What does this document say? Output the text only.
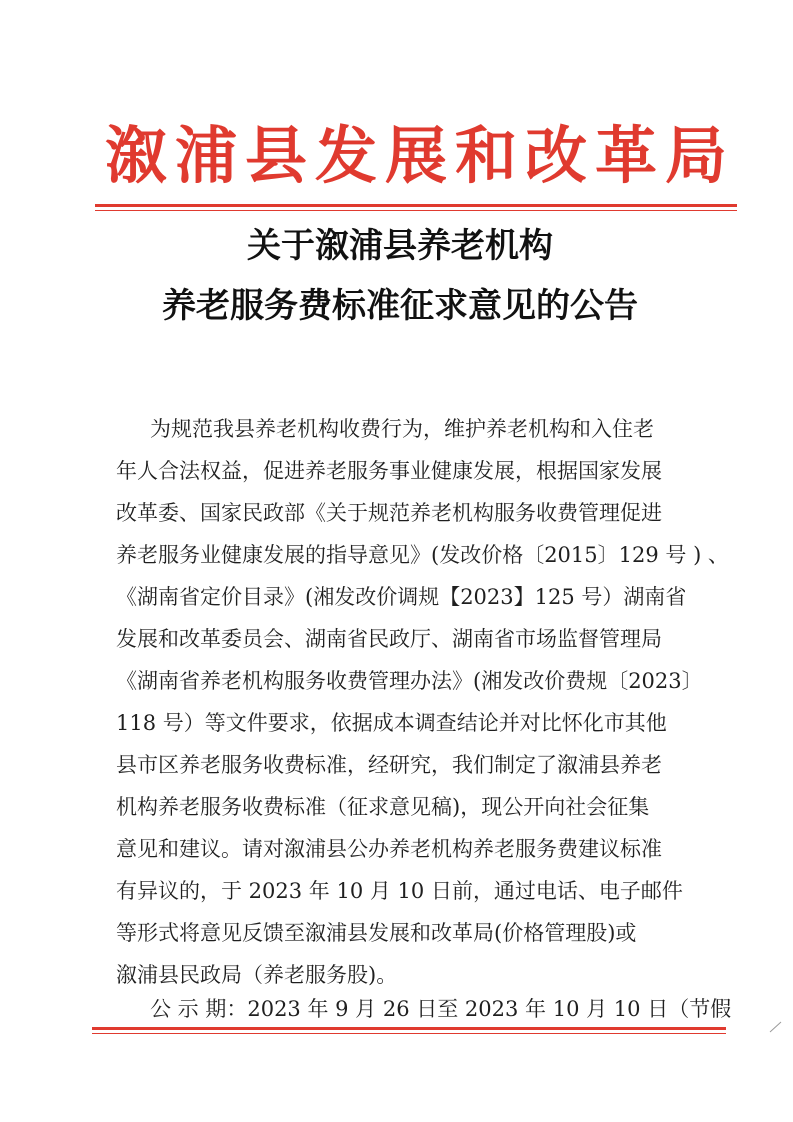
溆浦县发展和改革局
关于溆浦县养老机构
养老服务费标准征求意见的公告
为规范我县养老机构收费行为，维护养老机构和入住老
年人合法权益，促进养老服务事业健康发展，根据国家发展
改革委、国家民政部《关于规范养老机构服务收费管理促进
养老服务业健康发展的指导意见》(发改价格〔2015〕129 号 ) 、
《湖南省定价目录》(湘发改价调规【2023】125 号）湖南省
发展和改革委员会、湖南省民政厅、湖南省市场监督管理局
《湖南省养老机构服务收费管理办法》(湘发改价费规〔2023〕
118 号）等文件要求，依据成本调查结论并对比怀化市其他
县市区养老服务收费标准，经研究，我们制定了溆浦县养老
机构养老服务收费标准（征求意见稿)，现公开向社会征集
意见和建议。请对溆浦县公办养老机构养老服务费建议标准
有异议的，于 2023 年 10 月 10 日前，通过电话、电子邮件
等形式将意见反馈至溆浦县发展和改革局(价格管理股)或
溆浦县民政局（养老服务股)。
公 示 期：2023 年 9 月 26 日至 2023 年 10 月 10 日（节假
